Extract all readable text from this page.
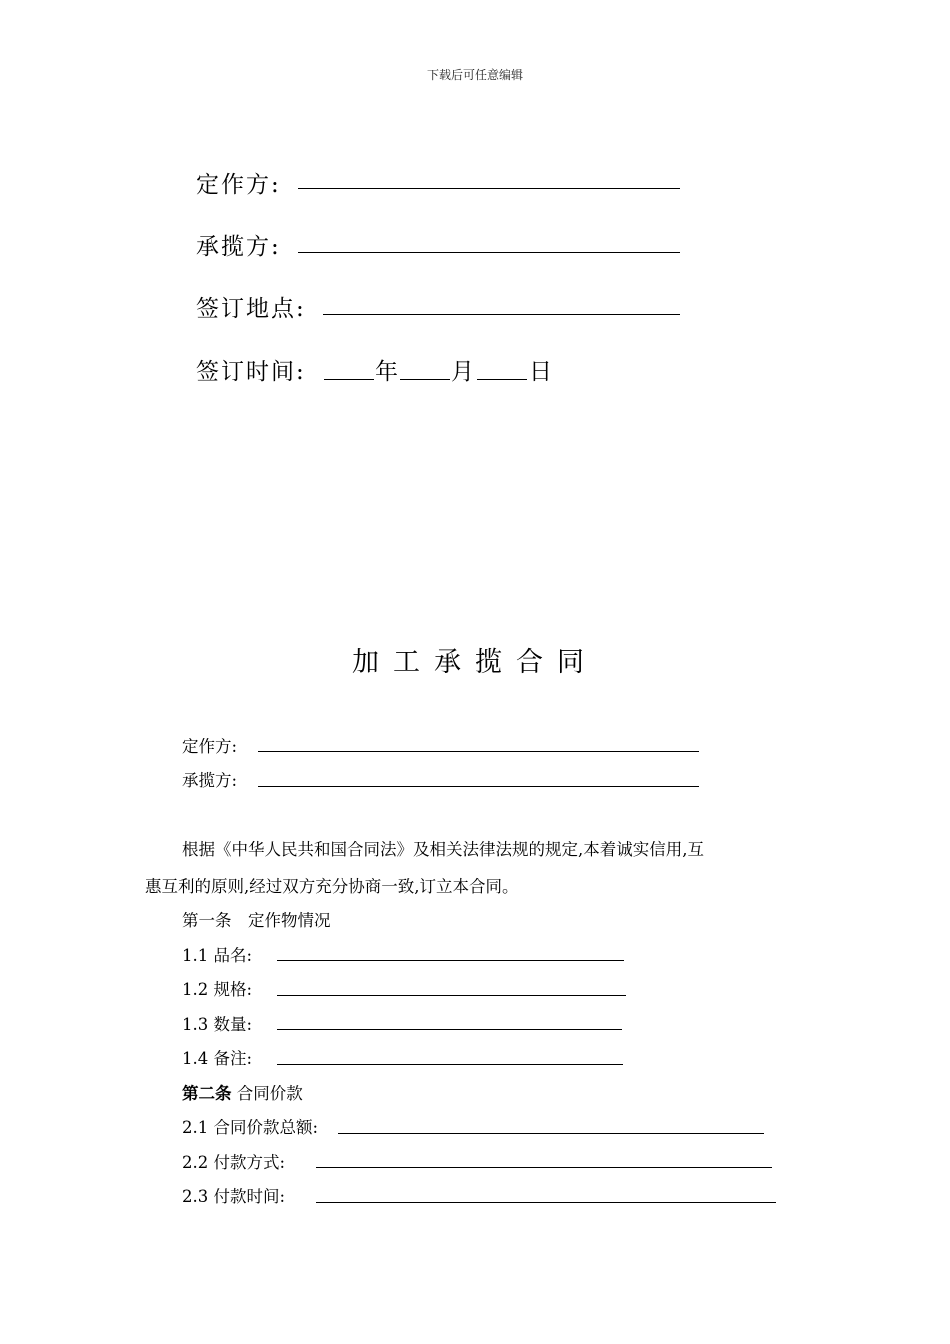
下载后可任意编辑
定作方:
承揽方:
签订地点:
签订时间:	年 月 日
加工承揽合同
定作方:
承揽方:
根据《中华人民共和国合同法》及相关法律法规的规定,本着诚实信用,互
惠互利的原则,经过双方充分协商一致,订立本合同。
第一条　定作物情况
1.1 品名:
1.2 规格:
1.3 数量:
1.4 备注:
第二条 合同价款
2.1 合同价款总额:
2.2 付款方式:
2.3 付款时间:
